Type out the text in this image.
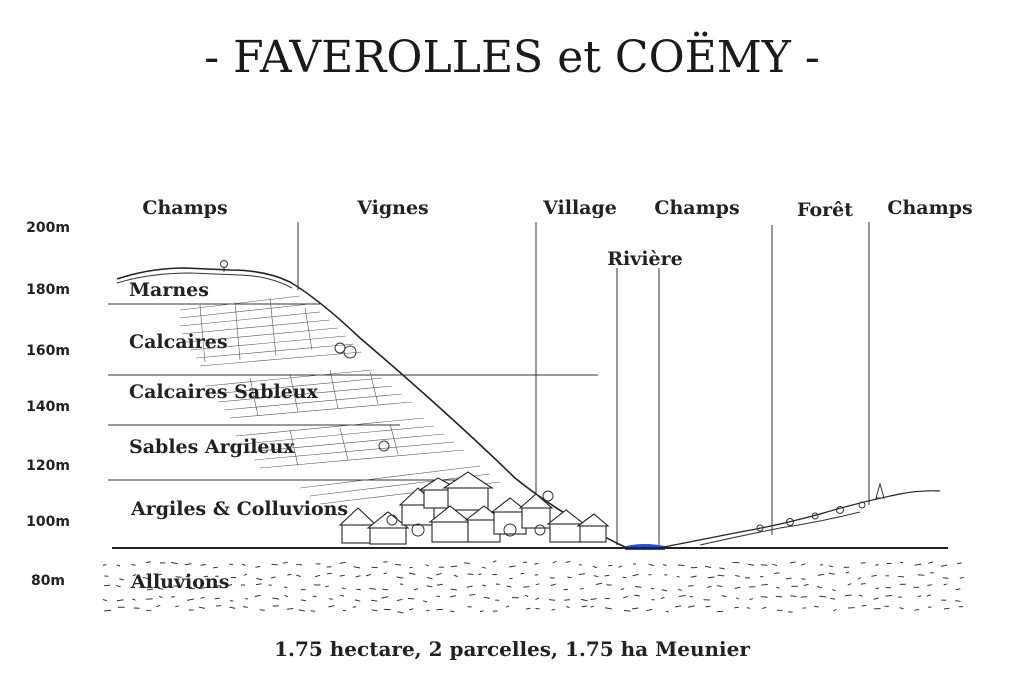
- FAVEROLLES et COËMY -
Champs	Vignes	Village Champs	Forêt Champs
Rivière
200m
180m
160m
140m
120m
100m
80m
Marnes
Calcaires
Calcaires Sableux
Sables Argileux
Argiles & Colluvions
Alluvions
1.75 hectare, 2 parcelles, 1.75 ha Meunier
